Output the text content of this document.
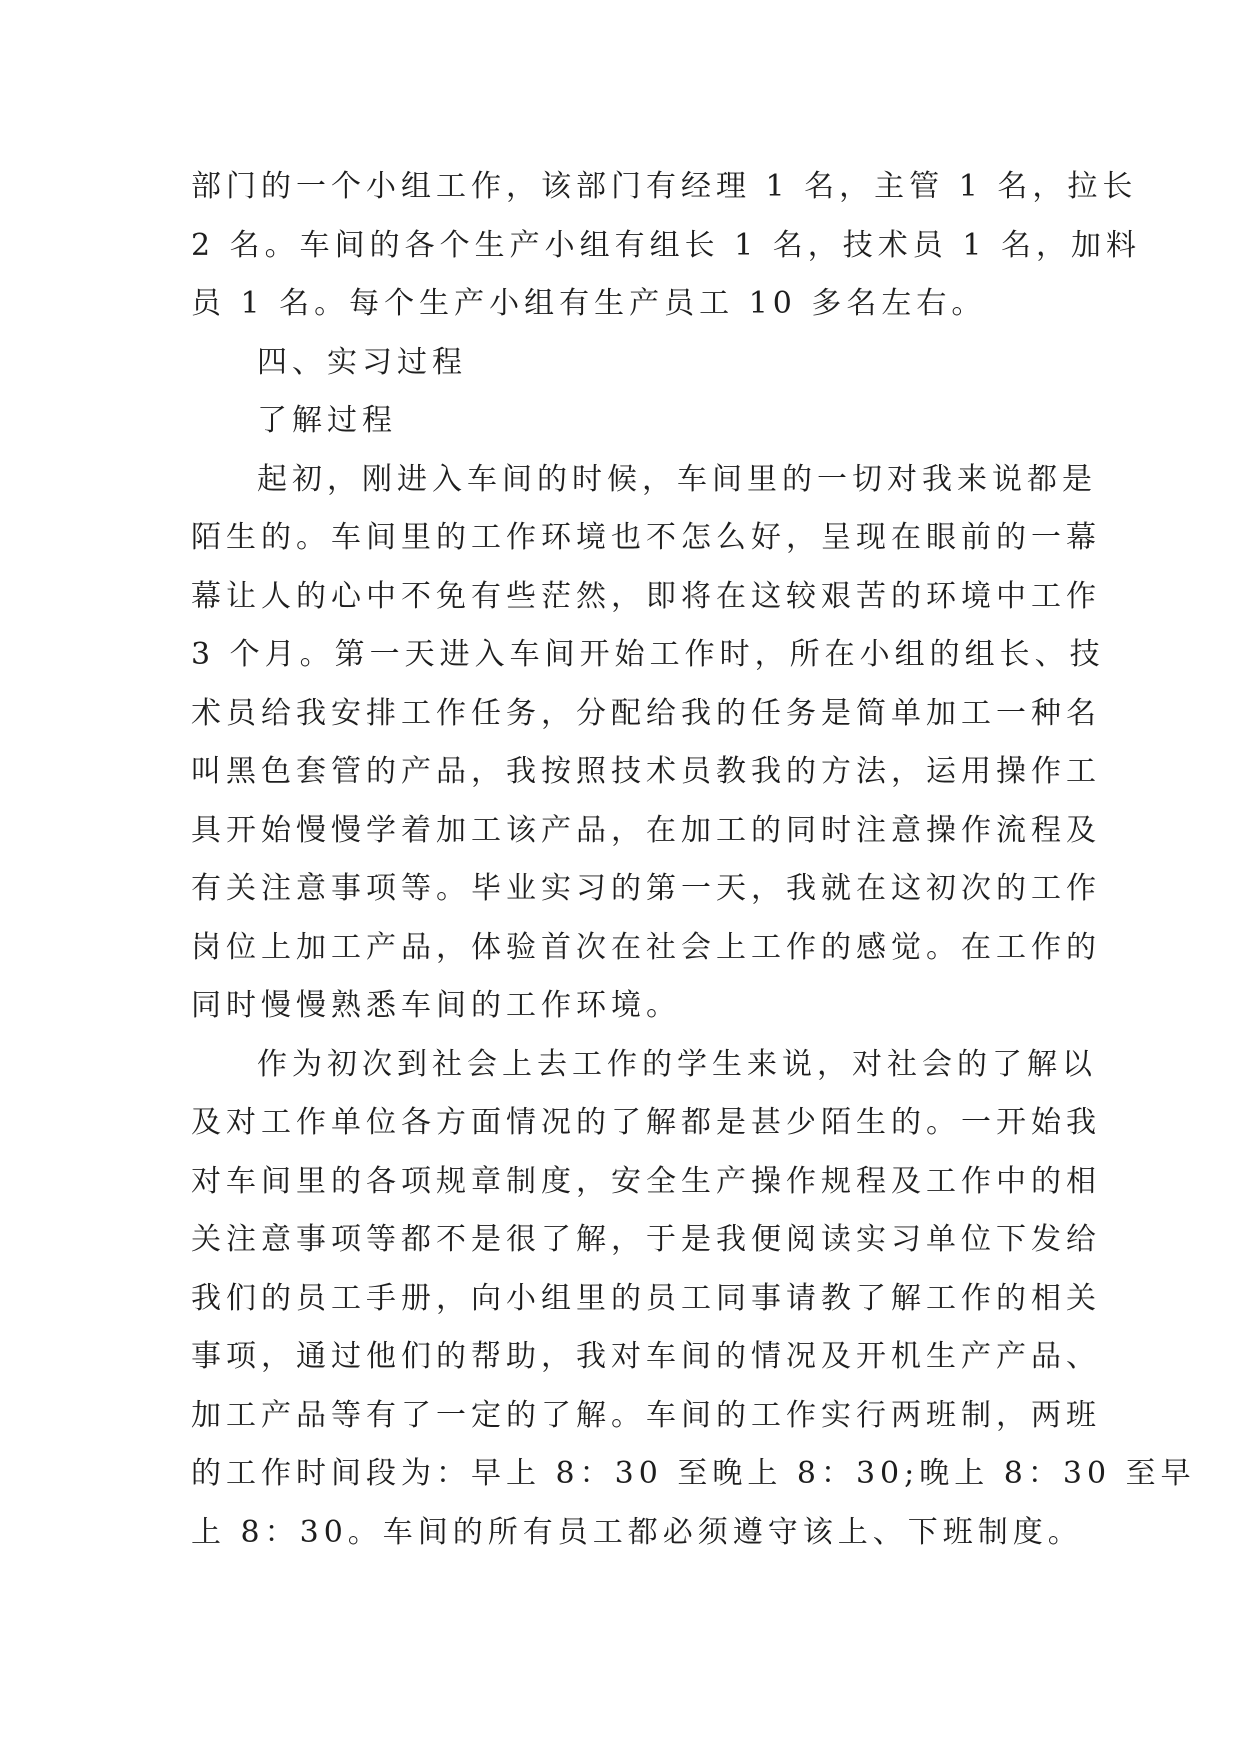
部门的一个小组工作，该部门有经理 1 名，主管 1 名，拉长
2 名。车间的各个生产小组有组长 1 名，技术员 1 名，加料
员 1 名。每个生产小组有生产员工 10 多名左右。
四、实习过程
了解过程
起初，刚进入车间的时候，车间里的一切对我来说都是
陌生的。车间里的工作环境也不怎么好，呈现在眼前的一幕
幕让人的心中不免有些茫然，即将在这较艰苦的环境中工作
3 个月。第一天进入车间开始工作时，所在小组的组长、技
术员给我安排工作任务，分配给我的任务是简单加工一种名
叫黑色套管的产品，我按照技术员教我的方法，运用操作工
具开始慢慢学着加工该产品，在加工的同时注意操作流程及
有关注意事项等。毕业实习的第一天，我就在这初次的工作
岗位上加工产品，体验首次在社会上工作的感觉。在工作的
同时慢慢熟悉车间的工作环境。
作为初次到社会上去工作的学生来说，对社会的了解以
及对工作单位各方面情况的了解都是甚少陌生的。一开始我
对车间里的各项规章制度，安全生产操作规程及工作中的相
关注意事项等都不是很了解，于是我便阅读实习单位下发给
我们的员工手册，向小组里的员工同事请教了解工作的相关
事项，通过他们的帮助，我对车间的情况及开机生产产品、
加工产品等有了一定的了解。车间的工作实行两班制，两班
的工作时间段为：早上 8：30 至晚上 8：30;晚上 8：30 至早
上 8：30。车间的所有员工都必须遵守该上、下班制度。
